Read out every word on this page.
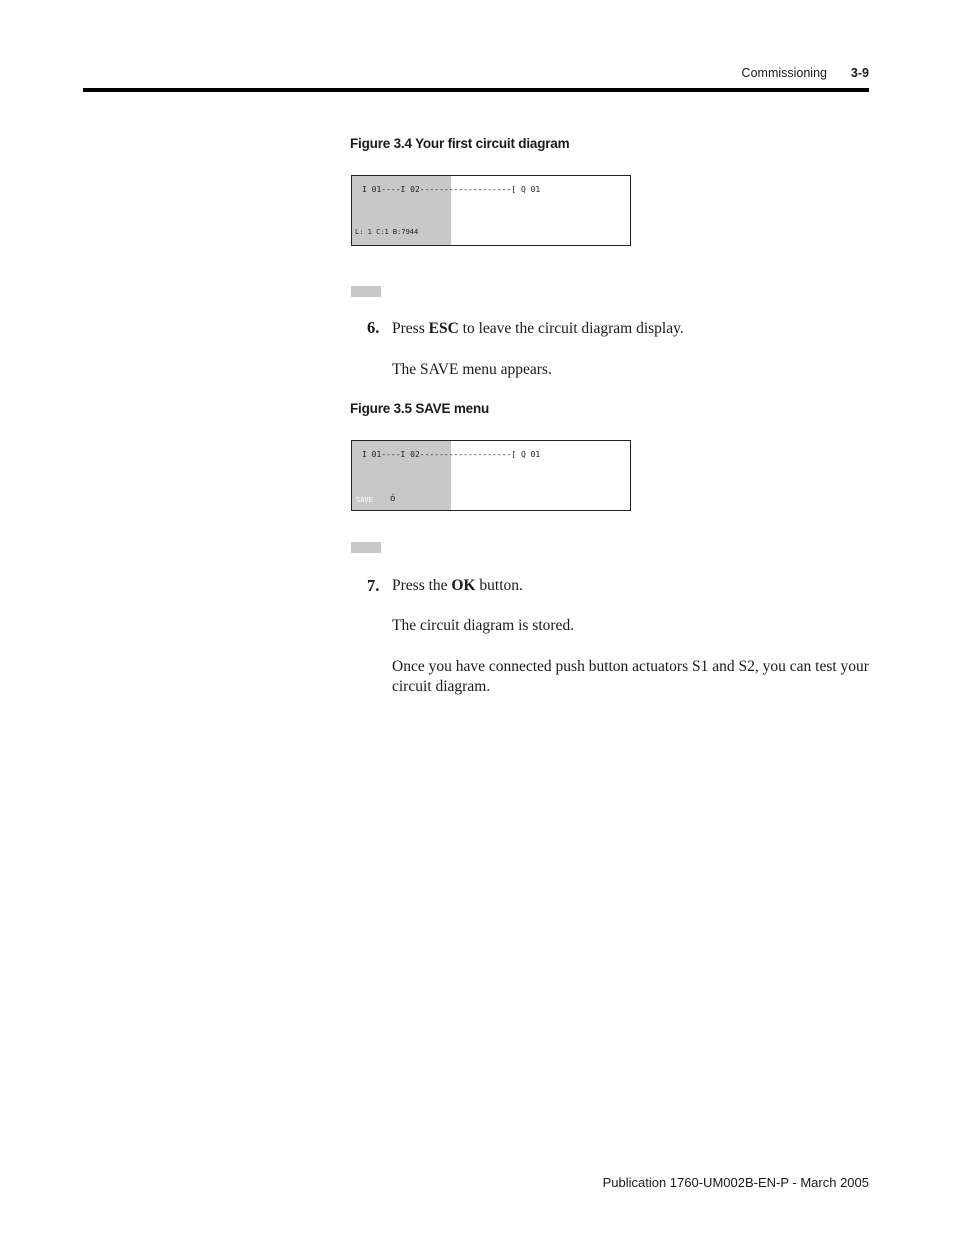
Commissioning 3-9
Figure 3.4 Your first circuit diagram
I 01----I 02-------------------[ Q 01
L: 1 C:1 B:7944
6. Press ESC to leave the circuit diagram display.
The SAVE menu appears.
Figure 3.5 SAVE menu
I 01----I 02-------------------[ Q 01
SAVE ó
7. Press the OK button.
The circuit diagram is stored.
Once you have connected push button actuators S1 and S2, you can test your circuit diagram.
Publication 1760-UM002B-EN-P - March 2005
